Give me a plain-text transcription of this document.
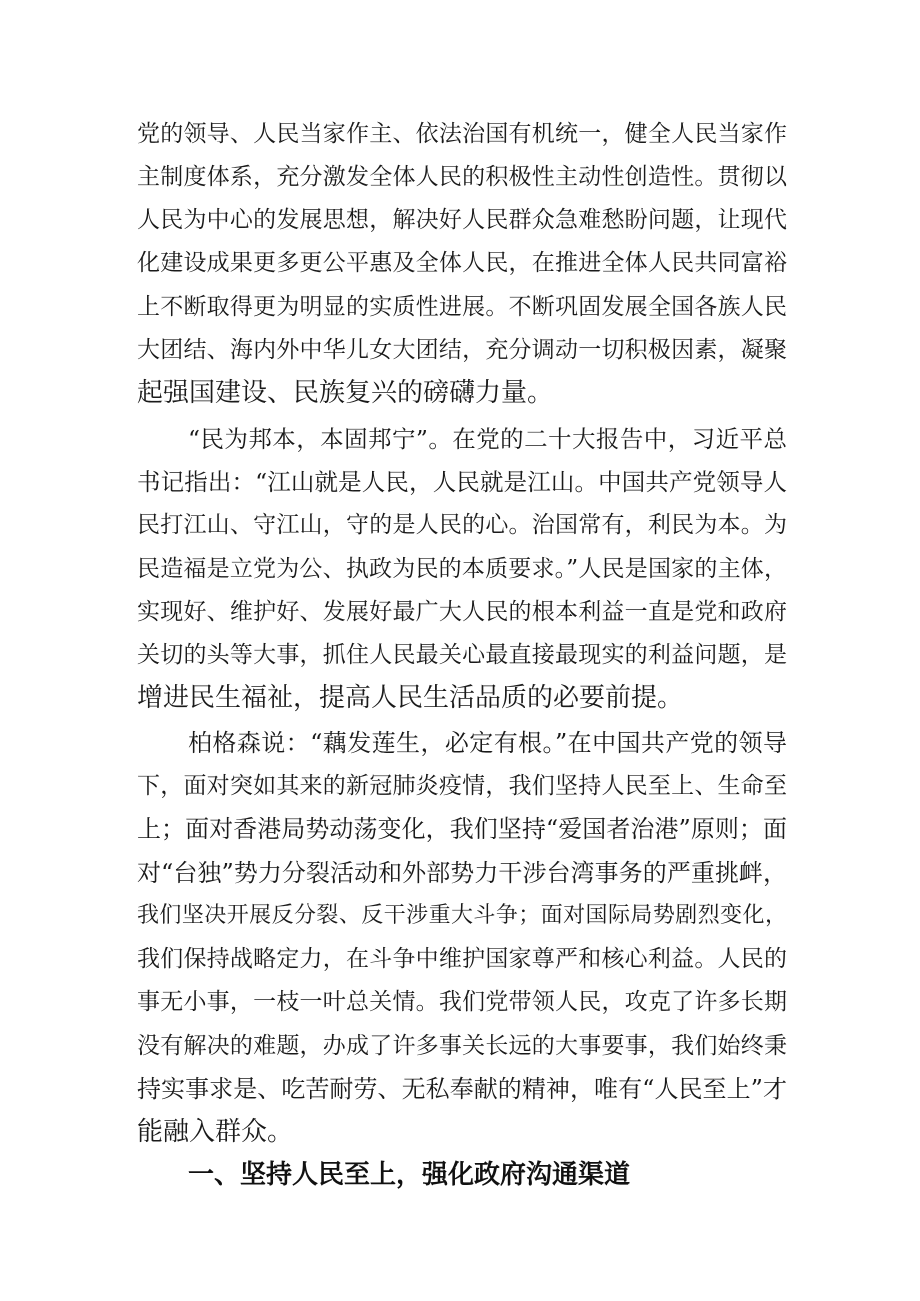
党的领导、人民当家作主、依法治国有机统一，健全人民当家作
主制度体系，充分激发全体人民的积极性主动性创造性。贯彻以
人民为中心的发展思想，解决好人民群众急难愁盼问题，让现代
化建设成果更多更公平惠及全体人民，在推进全体人民共同富裕
上不断取得更为明显的实质性进展。不断巩固发展全国各族人民
大团结、海内外中华儿女大团结，充分调动一切积极因素，凝聚
起强国建设、民族复兴的磅礴力量。
“民为邦本，本固邦宁”。在党的二十大报告中，习近平总
书记指出：“江山就是人民，人民就是江山。中国共产党领导人
民打江山、守江山，守的是人民的心。治国常有，利民为本。为
民造福是立党为公、执政为民的本质要求。”人民是国家的主体，
实现好、维护好、发展好最广大人民的根本利益一直是党和政府
关切的头等大事，抓住人民最关心最直接最现实的利益问题，是
增进民生福祉，提高人民生活品质的必要前提。
柏格森说：“藕发莲生，必定有根。”在中国共产党的领导
下，面对突如其来的新冠肺炎疫情，我们坚持人民至上、生命至
上；面对香港局势动荡变化，我们坚持“爱国者治港”原则；面
对“台独”势力分裂活动和外部势力干涉台湾事务的严重挑衅，
我们坚决开展反分裂、反干涉重大斗争；面对国际局势剧烈变化，
我们保持战略定力，在斗争中维护国家尊严和核心利益。人民的
事无小事，一枝一叶总关情。我们党带领人民，攻克了许多长期
没有解决的难题，办成了许多事关长远的大事要事，我们始终秉
持实事求是、吃苦耐劳、无私奉献的精神，唯有“人民至上”才
能融入群众。
一、坚持人民至上，强化政府沟通渠道
